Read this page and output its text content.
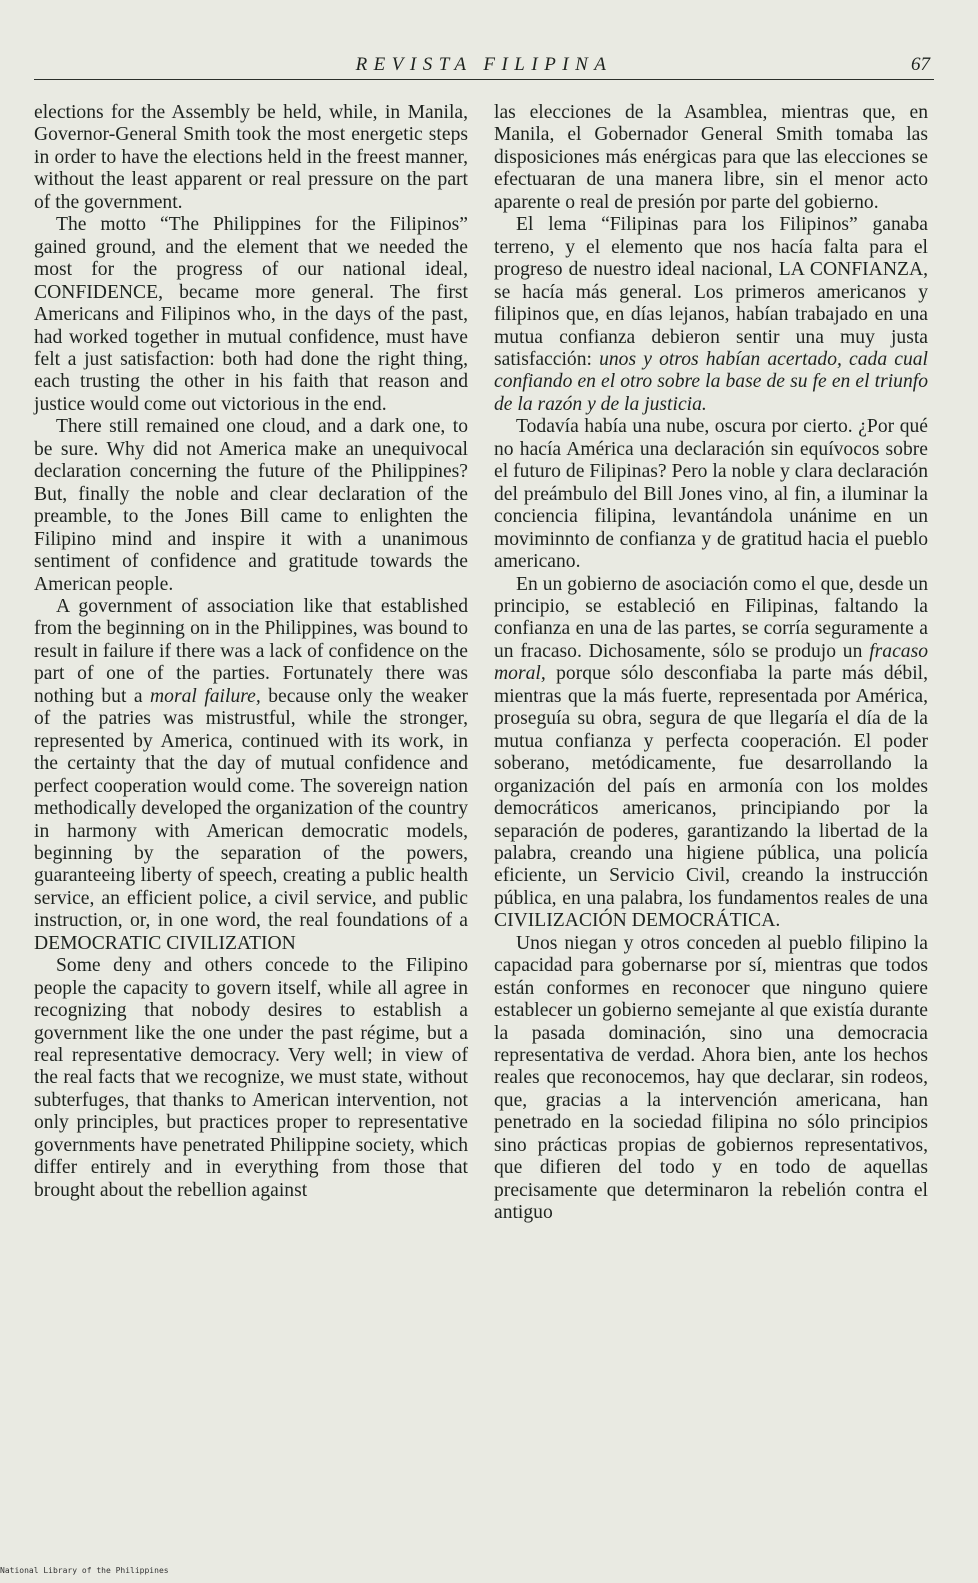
REVISTA FILIPINA	67

elections for the Assembly be held, while, in Manila, Governor-General Smith took the most energetic steps in order to have the elections held in the freest manner, without the least apparent or real pressure on the part of the government.

The motto “The Philippines for the Filipinos” gained ground, and the element that we needed the most for the progress of our national ideal, CONFIDENCE, became more general. The first Americans and Filipinos who, in the days of the past, had worked together in mutual confidence, must have felt a just satisfaction: both had done the right thing, each trusting the other in his faith that reason and justice would come out victorious in the end.

There still remained one cloud, and a dark one, to be sure. Why did not America make an unequivocal declaration concerning the future of the Philippines? But, finally the noble and clear declaration of the preamble, to the Jones Bill came to enlighten the Filipino mind and inspire it with a unanimous sentiment of confidence and gratitude towards the American people.

A government of association like that established from the beginning on in the Philippines, was bound to result in failure if there was a lack of confidence on the part of one of the parties. Fortunately there was nothing but a moral failure, because only the weaker of the patries was mistrustful, while the stronger, represented by America, continued with its work, in the certainty that the day of mutual confidence and perfect cooperation would come. The sovereign nation methodically developed the organization of the country in harmony with American democratic models, beginning by the separation of the powers, guaranteeing liberty of speech, creating a public health service, an efficient police, a civil service, and public instruction, or, in one word, the real foundations of a DEMOCRATIC CIVILIZATION

Some deny and others concede to the Filipino people the capacity to govern itself, while all agree in recognizing that nobody desires to establish a government like the one under the past régime, but a real representative democracy. Very well; in view of the real facts that we recognize, we must state, without subterfuges, that thanks to American intervention, not only principles, but practices proper to representative governments have penetrated Philippine society, which differ entirely and in everything from those that brought about the rebellion against

las elecciones de la Asamblea, mientras que, en Manila, el Gobernador General Smith tomaba las disposiciones más enérgicas para que las elecciones se efectuaran de una manera libre, sin el menor acto aparente o real de presión por parte del gobierno.

El lema “Filipinas para los Filipinos” ganaba terreno, y el elemento que nos hacía falta para el progreso de nuestro ideal nacional, LA CONFIANZA, se hacía más general. Los primeros americanos y filipinos que, en días lejanos, habían trabajado en una mutua confianza debieron sentir una muy justa satisfacción: unos y otros habían acertado, cada cual confiando en el otro sobre la base de su fe en el triunfo de la razón y de la justicia.

Todavía había una nube, oscura por cierto. ¿Por qué no hacía América una declaración sin equívocos sobre el futuro de Filipinas? Pero la noble y clara declaración del preámbulo del Bill Jones vino, al fin, a iluminar la conciencia filipina, levantándola unánime en un moviminnto de confianza y de gratitud hacia el pueblo americano.

En un gobierno de asociación como el que, desde un principio, se estableció en Filipinas, faltando la confianza en una de las partes, se corría seguramente a un fracaso. Dichosamente, sólo se produjo un fracaso moral, porque sólo desconfiaba la parte más débil, mientras que la más fuerte, representada por América, proseguía su obra, segura de que llegaría el día de la mutua confianza y perfecta cooperación. El poder soberano, metódicamente, fue desarrollando la organización del país en armonía con los moldes democráticos americanos, principiando por la separación de poderes, garantizando la libertad de la palabra, creando una higiene pública, una policía eficiente, un Servicio Civil, creando la instrucción pública, en una palabra, los fundamentos reales de una CIVILIZACIÓN DEMOCRÁTICA.

Unos niegan y otros conceden al pueblo filipino la capacidad para gobernarse por sí, mientras que todos están conformes en reconocer que ninguno quiere establecer un gobierno semejante al que existía durante la pasada dominación, sino una democracia representativa de verdad. Ahora bien, ante los hechos reales que reconocemos, hay que declarar, sin rodeos, que, gracias a la intervención americana, han penetrado en la sociedad filipina no sólo principios sino prácticas propias de gobiernos representativos, que difieren del todo y en todo de aquellas precisamente que determinaron la rebelión contra el antiguo

National Library of the Philippines
